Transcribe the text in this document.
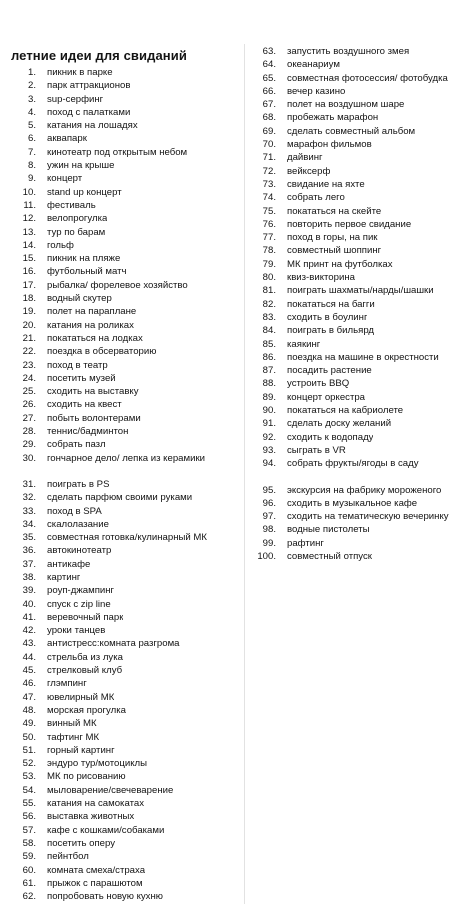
летние идеи для свиданий
1.	пикник в парке
2.	парк аттракционов
3.	sup-серфинг
4.	поход с палатками
5.	катания на лошадях
6.	аквапарк
7.	кинотеатр под открытым небом
8.	ужин на крыше
9.	концерт
10.	stand up концерт
11.	фестиваль
12.	велопрогулка
13.	тур по барам
14.	гольф
15.	пикник на пляже
16.	футбольный матч
17.	рыбалка/ форелевое хозяйство
18.	водный скутер
19.	полет на параплане
20.	катания на роликах
21.	покататься на лодках
22.	поездка в обсерваторию
23.	поход в театр
24.	посетить музей
25.	сходить на выставку
26.	сходить на квест
27.	побыть волонтерами
28.	теннис/бадминтон
29.	собрать пазл
30.	гончарное дело/ лепка из керамики
31.	поиграть в PS
32.	сделать парфюм своими руками
33.	поход в SPA
34.	скалолазание
35.	совместная готовка/кулинарный МК
36.	автокинотеатр
37.	антикафе
38.	картинг
39.	роуп-джампинг
40.	спуск с zip line
41.	веревочный парк
42.	уроки танцев
43.	антистресс:комната разгрома
44.	стрельба из лука
45.	стрелковый клуб
46.	глэмпинг
47.	ювелирный МК
48.	морская прогулка
49.	винный МК
50.	тафтинг МК
51.	горный картинг
52.	эндуро тур/мотоциклы
53.	МК по рисованию
54.	мыловарение/свечеварение
55.	катания на самокатах
56.	выставка животных
57.	кафе с кошками/собаками
58.	посетить оперу
59.	пейнтбол
60.	комната смеха/страха
61.	прыжок с парашютом
62.	попробовать новую кухню
63.	запустить воздушного змея
64.	океанариум
65.	совместная фотосессия/ фотобудка
66.	вечер казино
67.	полет на воздушном шаре
68.	пробежать марафон
69.	сделать совместный альбом
70.	марафон фильмов
71.	дайвинг
72.	вейксерф
73.	свидание на яхте
74.	собрать лего
75.	покататься на скейте
76.	повторить первое свидание
77.	поход в горы, на пик
78.	совместный шоппинг
79.	МК принт на футболках
80.	квиз-викторина
81.	поиграть шахматы/нарды/шашки
82.	покататься на багги
83.	сходить в боулинг
84.	поиграть в бильярд
85.	каякинг
86.	поездка на машине в окрестности
87.	посадить растение
88.	устроить BBQ
89.	концерт оркестра
90.	покататься на кабриолете
91.	сделать доску желаний
92.	сходить к водопаду
93.	сыграть в VR
94.	собрать фрукты/ягоды в саду
95.	экскурсия на фабрику мороженого
96.	сходить в музыкальное кафе
97.	сходить на тематическую вечеринку
98.	водные пистолеты
99.	рафтинг
100.	совместный отпуск
